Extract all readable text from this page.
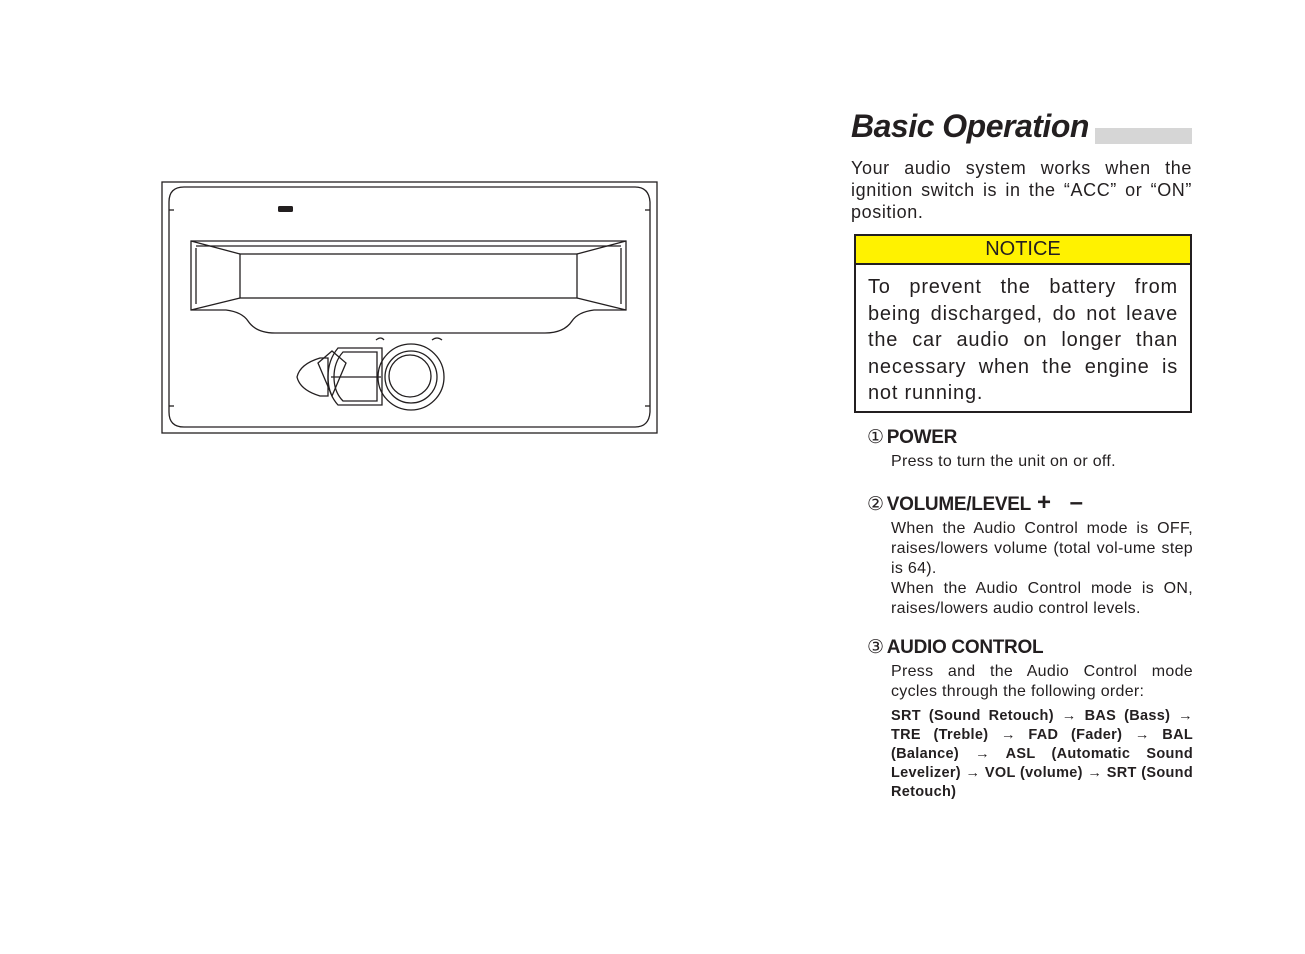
Basic Operation

Your audio system works when the ignition switch is in the “ACC” or “ON” position.

NOTICE
To prevent the battery from being discharged, do not leave the car audio on longer than necessary when the engine is not running.
① POWER
Press to turn the unit on or off.
② VOLUME/LEVEL + –
When the Audio Control mode is OFF, raises/lowers volume (total vol-ume step is 64).
When the Audio Control mode is ON, raises/lowers audio control levels.
③ AUDIO CONTROL
Press and the Audio Control mode cycles through the following order:
SRT (Sound Retouch) → BAS (Bass) → TRE (Treble) → FAD (Fader) → BAL (Balance) → ASL (Automatic Sound Levelizer) → VOL (volume) → SRT (Sound Retouch)
